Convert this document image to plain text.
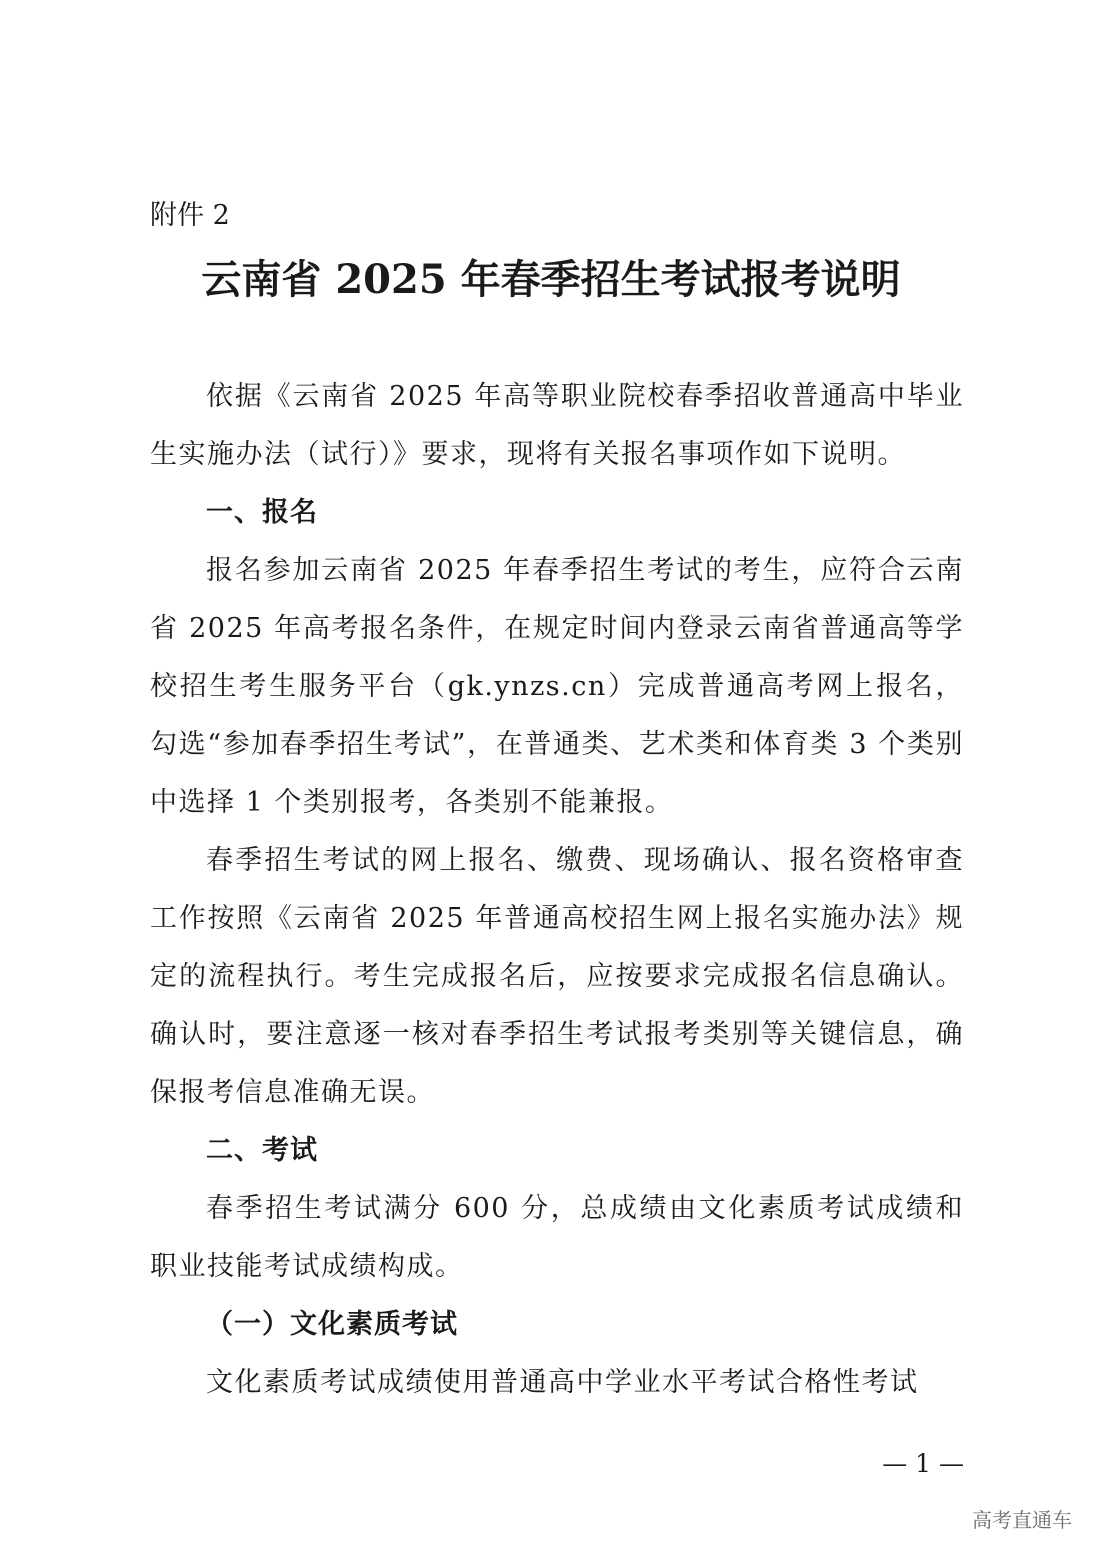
附件 2
云南省 2025 年春季招生考试报考说明

依据《云南省 2025 年高等职业院校春季招收普通高中毕业生实施办法（试行）》要求，现将有关报名事项作如下说明。

一、报名

报名参加云南省 2025 年春季招生考试的考生，应符合云南省 2025 年高考报名条件，在规定时间内登录云南省普通高等学校招生考生服务平台（gk.ynzs.cn）完成普通高考网上报名，勾选“参加春季招生考试”，在普通类、艺术类和体育类 3 个类别中选择 1 个类别报考，各类别不能兼报。

春季招生考试的网上报名、缴费、现场确认、报名资格审查工作按照《云南省 2025 年普通高校招生网上报名实施办法》规定的流程执行。考生完成报名后，应按要求完成报名信息确认。确认时，要注意逐一核对春季招生考试报考类别等关键信息，确保报考信息准确无误。

二、考试

春季招生考试满分 600 分，总成绩由文化素质考试成绩和职业技能考试成绩构成。

（一）文化素质考试

文化素质考试成绩使用普通高中学业水平考试合格性考试

— 1 —
高考直通车
